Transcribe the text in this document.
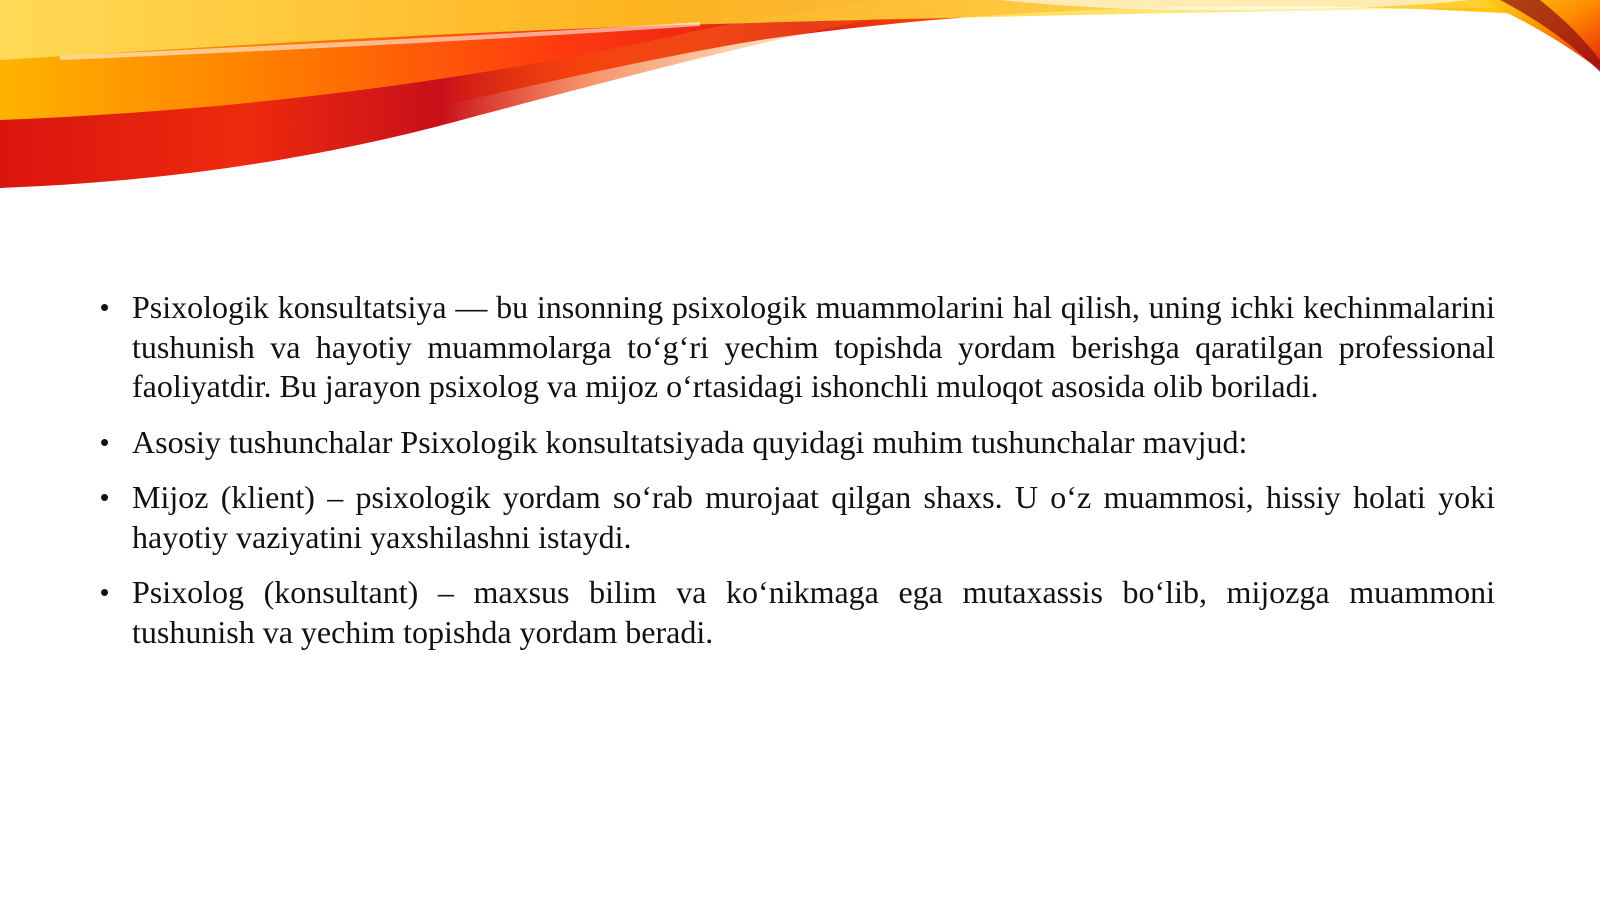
• Psixologik konsultatsiya — bu insonning psixologik muammolarini hal qilish, uning ichki kechinmalarini tushunish va hayotiy muammolarga to‘g‘ri yechim topishda yordam berishga qaratilgan professional faoliyatdir. Bu jarayon psixolog va mijoz o‘rtasidagi ishonchli muloqot asosida olib boriladi.
• Asosiy tushunchalar Psixologik konsultatsiyada quyidagi muhim tushunchalar mavjud:
• Mijoz (klient) – psixologik yordam so‘rab murojaat qilgan shaxs. U o‘z muammosi, hissiy holati yoki hayotiy vaziyatini yaxshilashni istaydi.
• Psixolog (konsultant) – maxsus bilim va ko‘nikmaga ega mutaxassis bo‘lib, mijozga muammoni tushunish va yechim topishda yordam beradi.
